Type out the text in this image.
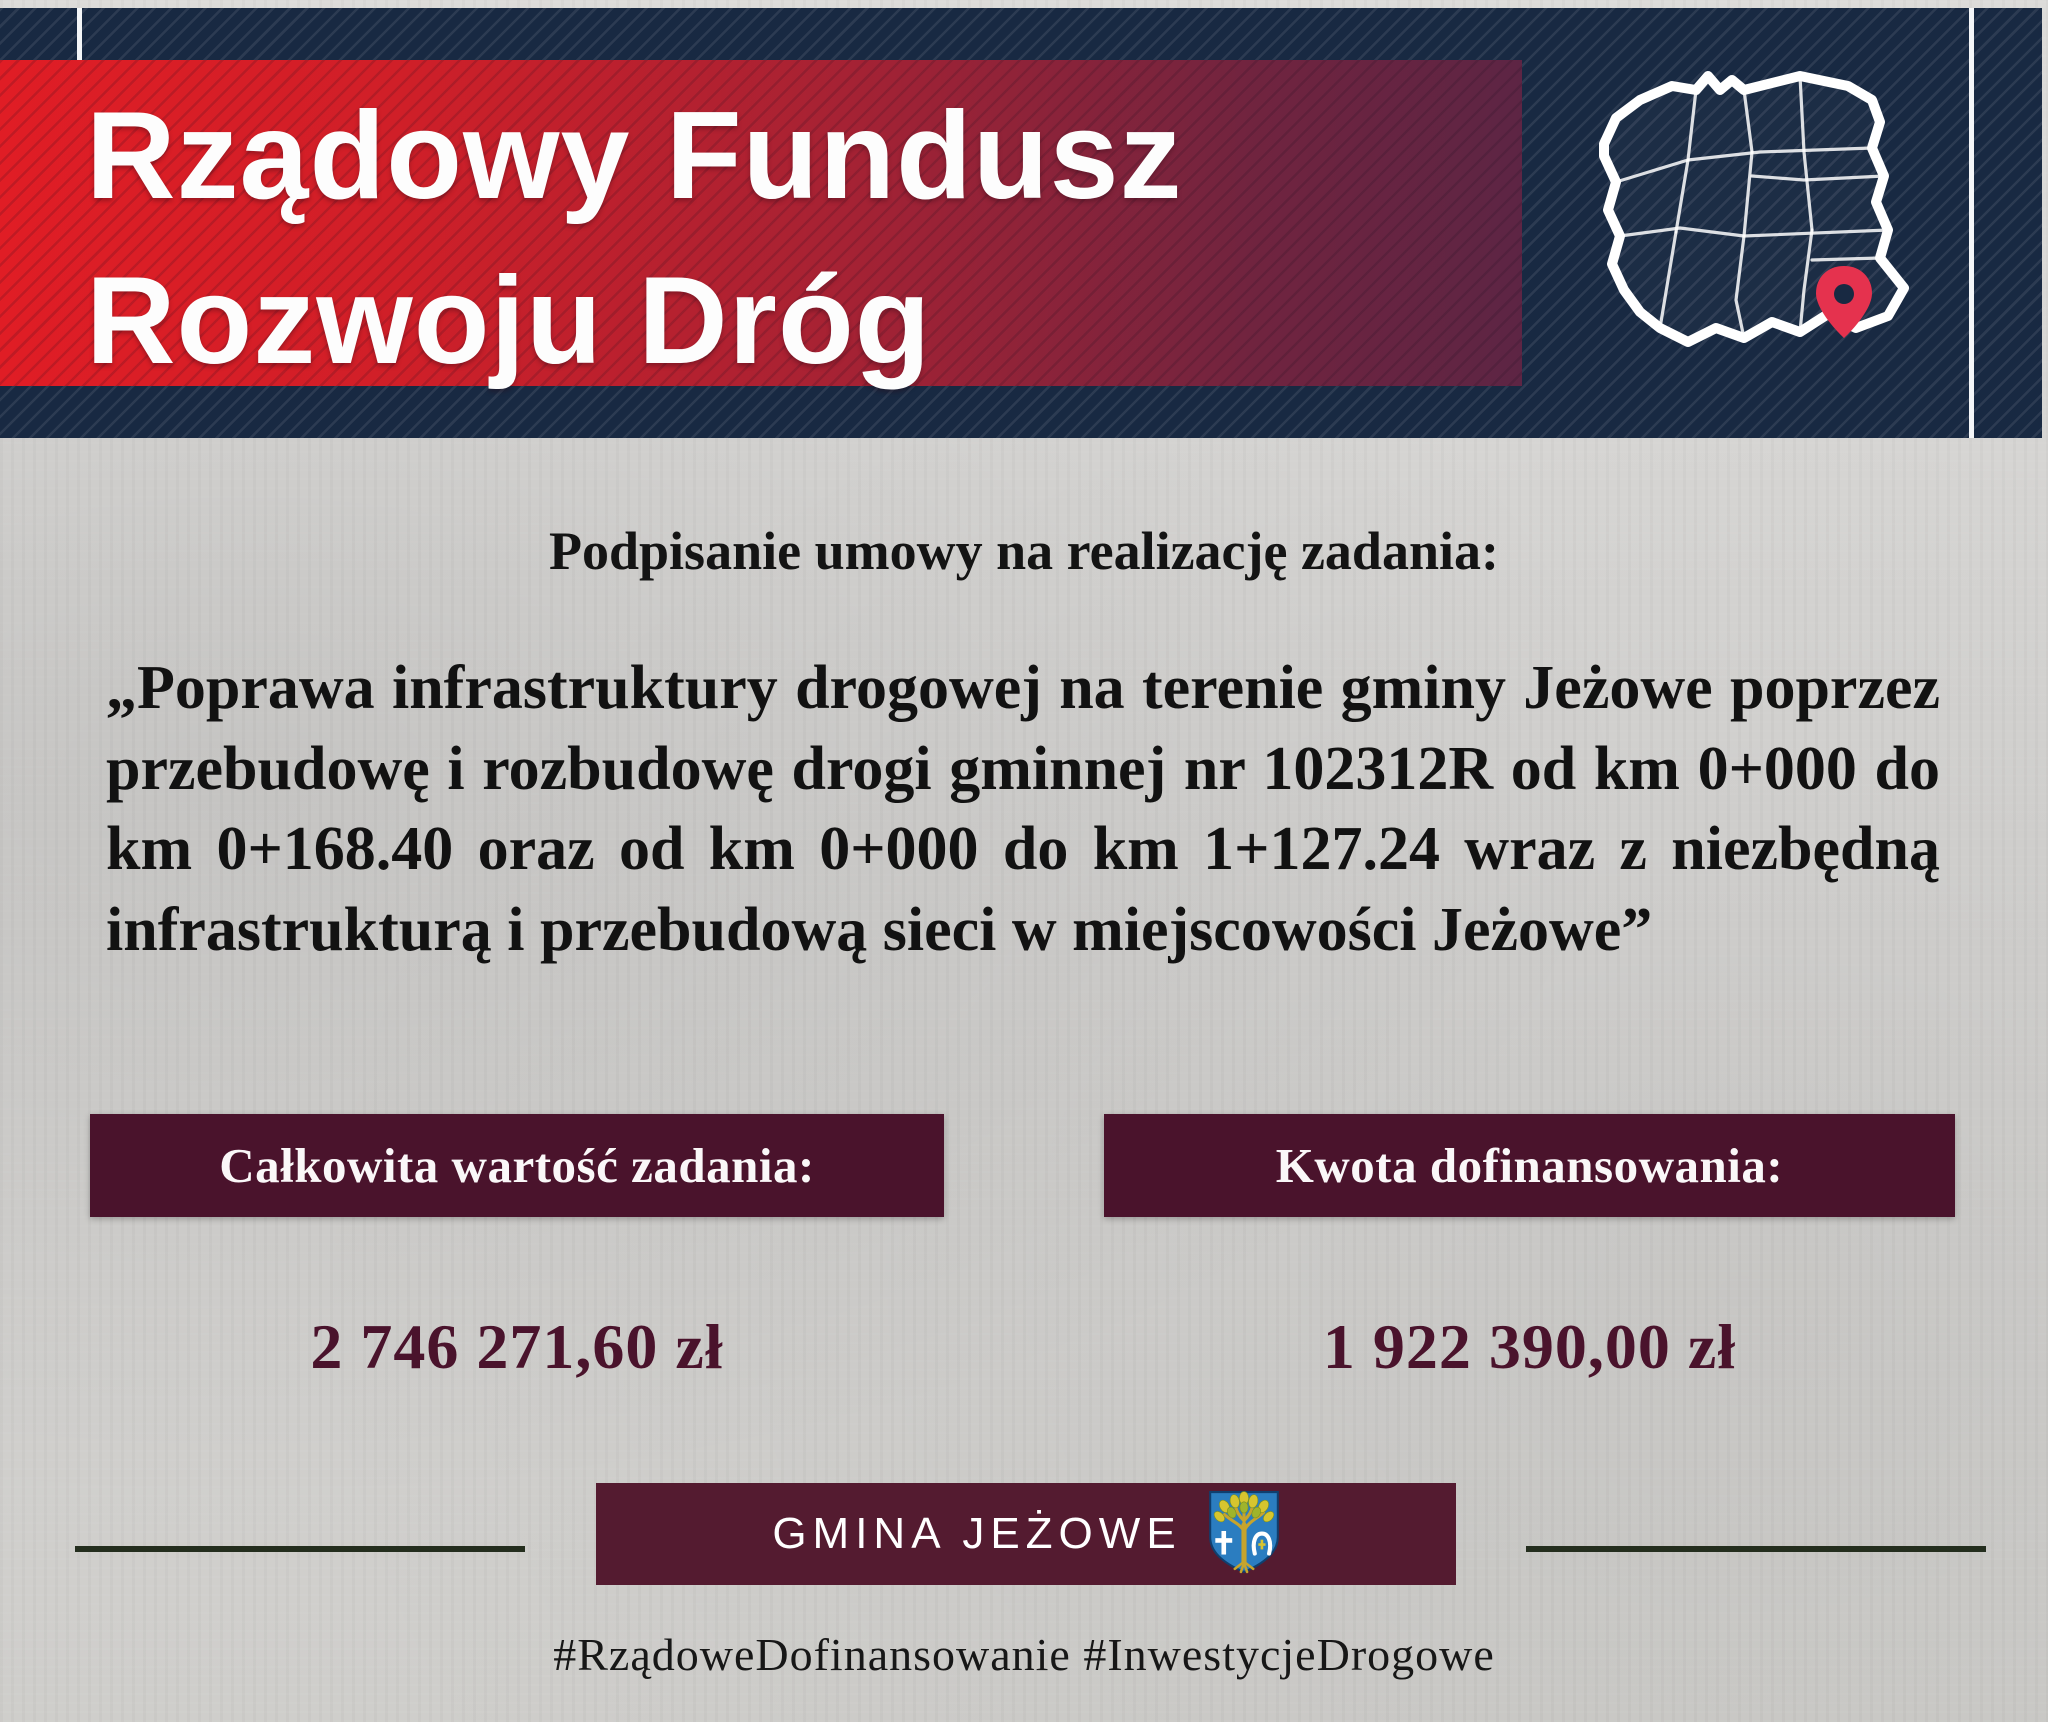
Rządowy Fundusz
Rozwoju Dróg
Podpisanie umowy na realizację zadania:
„Poprawa infrastruktury drogowej na terenie gminy Jeżowe poprzez przebudowę i rozbudowę drogi gminnej nr 102312R od km 0+000 do km 0+168.40 oraz od km 0+000 do km 1+127.24 wraz z niezbędną infrastrukturą i przebudową sieci w miejscowości Jeżowe”
Całkowita wartość zadania:	Kwota dofinansowania:
2 746 271,60 zł	1 922 390,00 zł
GMINA JEŻOWE
#RządoweDofinansowanie #InwestycjeDrogowe
